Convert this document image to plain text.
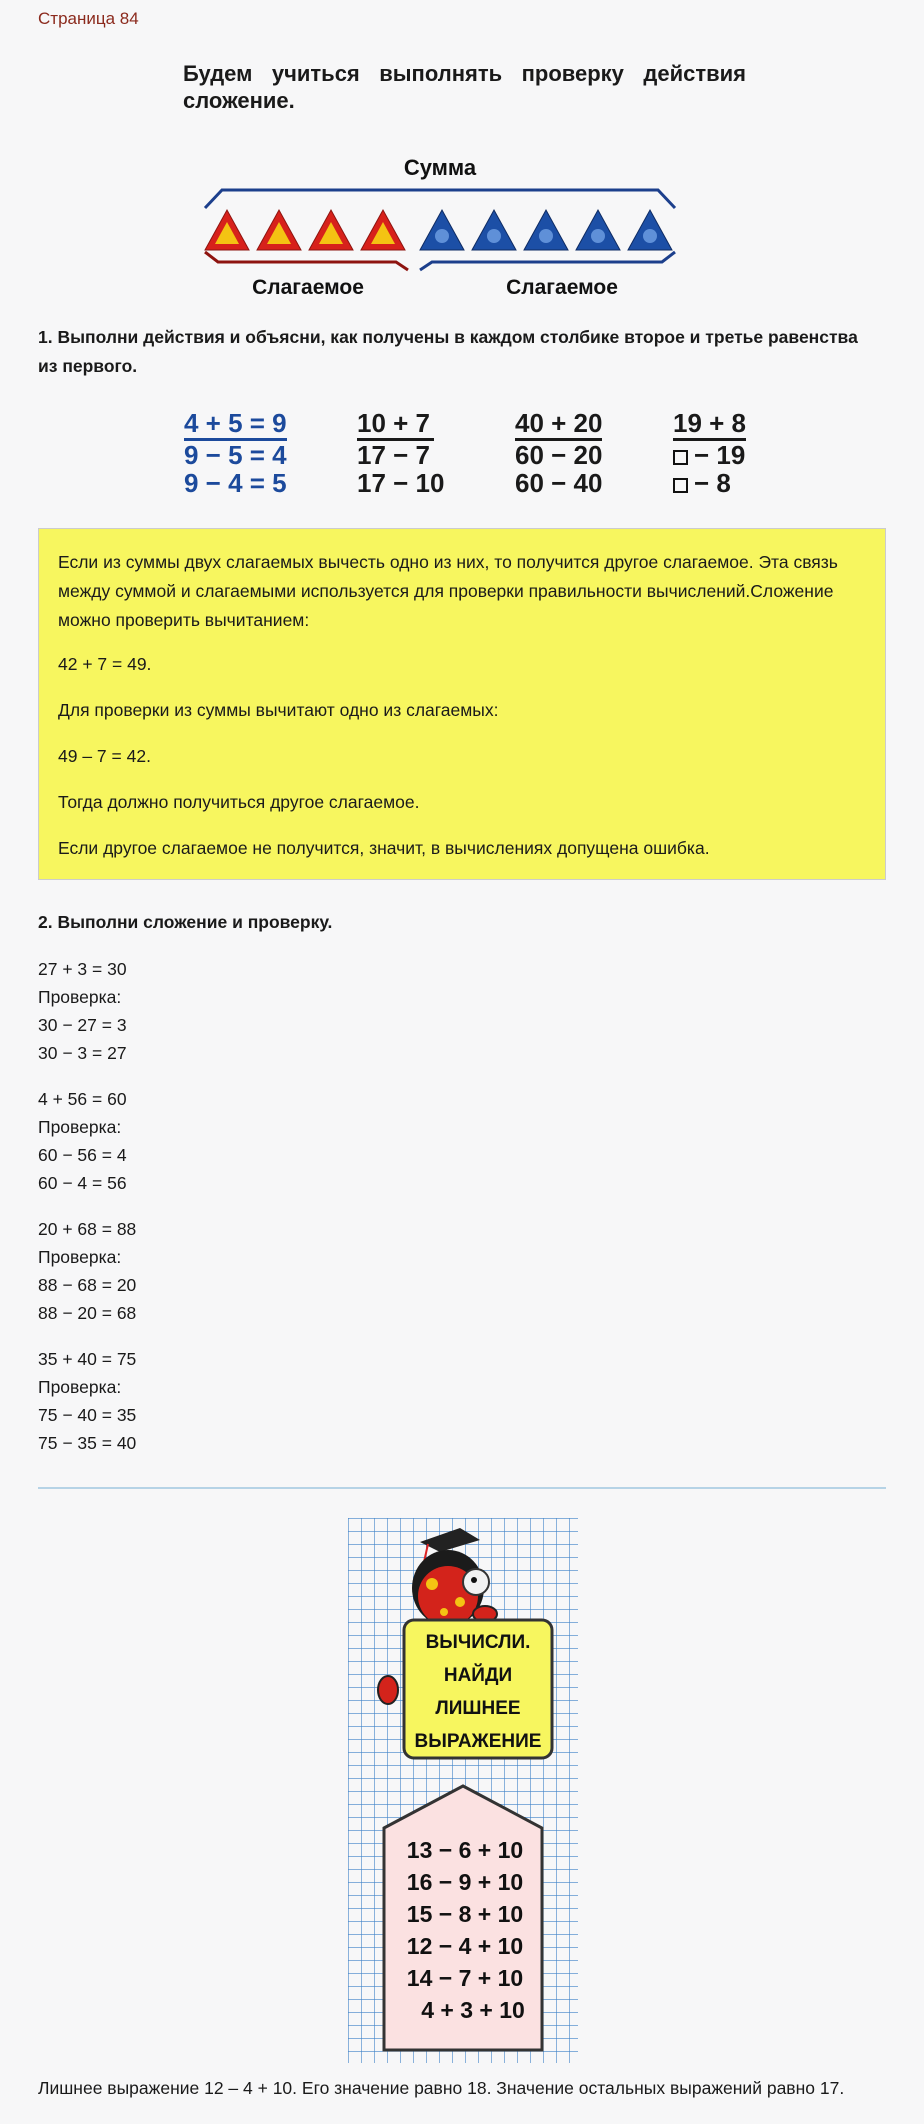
Страница 84
Будем учиться выполнять проверку действия

сложение.
Сумма
Слагаемое	Слагаемое
1. Выполни действия и объясни, как получены в каждом столбике второе и третье равенства
из первого.
4 + 5 = 9
9 − 5 = 4
9 − 4 = 5
10 + 7
17 − 7
17 − 10
40 + 20
60 − 20
60 − 40
19 + 8
− 19
− 8

Если из суммы двух слагаемых вычесть одно из них, то получится другое слагаемое. Эта связь
между суммой и слагаемыми используется для проверки правильности вычислений.Сложение
можно проверить вычитанием:

42 + 7 = 49.

Для проверки из суммы вычитают одно из слагаемых:

49 – 7 = 42.

Тогда должно получиться другое слагаемое.

Если другое слагаемое не получится, значит, в вычислениях допущена ошибка.

2. Выполни сложение и проверку.
27 + 3 = 30
Проверка:
30 − 27 = 3
30 − 3 = 27
4 + 56 = 60
Проверка:
60 − 56 = 4
60 − 4 = 56
20 + 68 = 88
Проверка:
88 − 68 = 20
88 − 20 = 68
35 + 40 = 75
Проверка:
75 − 40 = 35
75 − 35 = 40
ВЫЧИСЛИ.
НАЙДИ
ЛИШНЕЕ
ВЫРАЖЕНИЕ
13 − 6 + 10
16 − 9 + 10
15 − 8 + 10
12 − 4 + 10
14 − 7 + 10
4 + 3 + 10
Лишнее выражение 12 – 4 + 10. Его значение равно 18. Значение остальных выражений равно 17.
